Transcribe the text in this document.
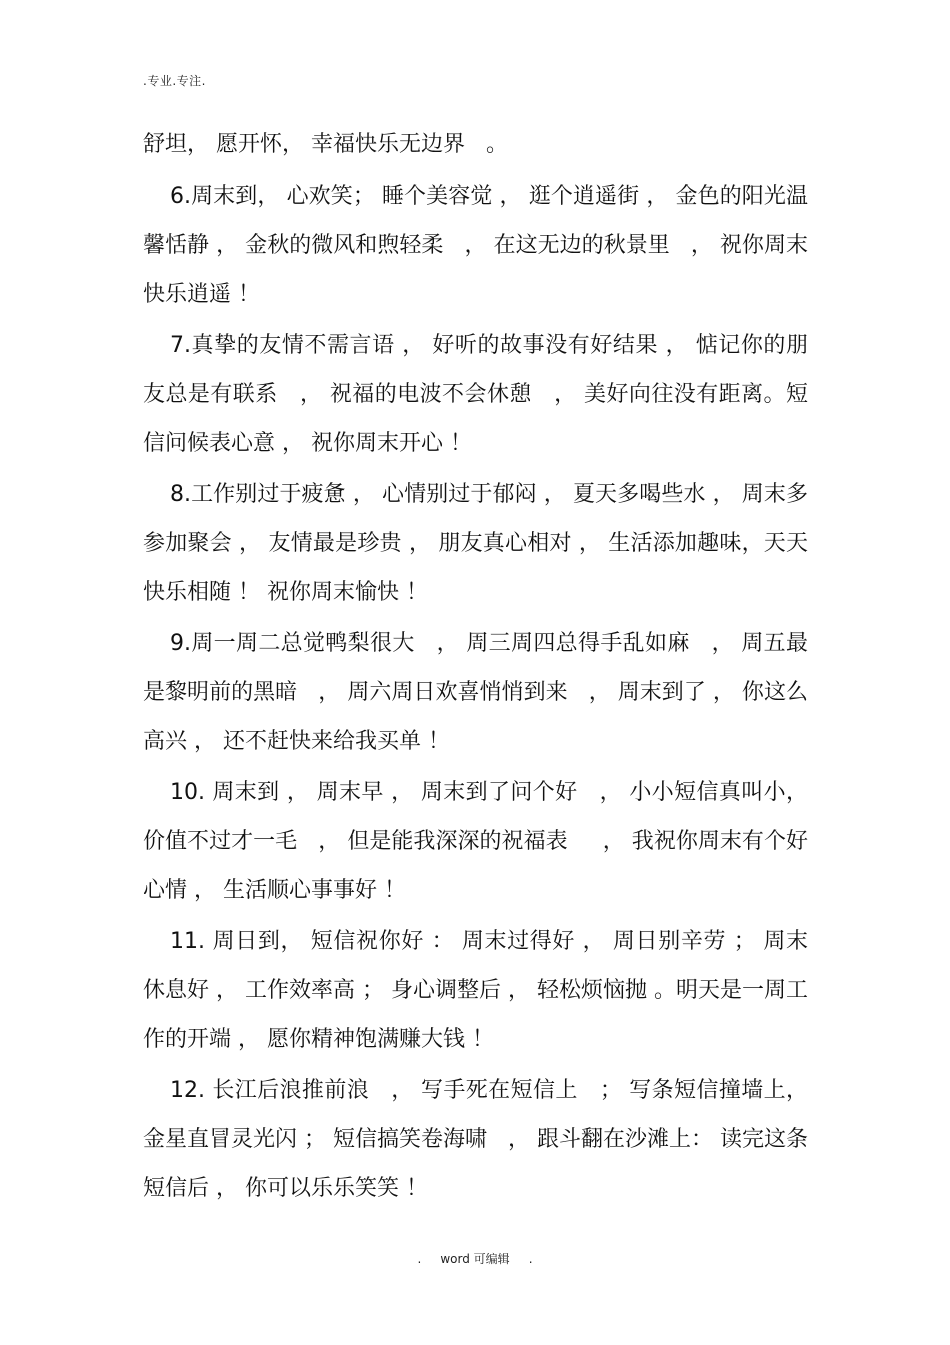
.专业.专注.

舒坦， 愿开怀， 幸福快乐无边界   。

6.周末到， 心欢笑； 睡个美容觉 ， 逛个逍遥街 ， 金色的阳光温馨恬静 ， 金秋的微风和煦轻柔   ， 在这无边的秋景里   ， 祝你周末快乐逍遥 ！

7.真挚的友情不需言语 ， 好听的故事没有好结果 ， 惦记你的朋友总是有联系   ， 祝福的电波不会休憩   ， 美好向往没有距离。短信问候表心意 ， 祝你周末开心 ！

8.工作别过于疲惫 ， 心情别过于郁闷 ， 夏天多喝些水 ， 周末多参加聚会 ， 友情最是珍贵 ， 朋友真心相对 ， 生活添加趣味，天天快乐相随 ！ 祝你周末愉快 ！

9.周一周二总觉鸭梨很大   ， 周三周四总得手乱如麻   ， 周五最是黎明前的黑暗   ， 周六周日欢喜悄悄到来   ， 周末到了 ， 你这么高兴 ， 还不赶快来给我买单 ！

10. 周末到 ， 周末早 ， 周末到了问个好   ， 小小短信真叫小， 价值不过才一毛   ， 但是能我深深的祝福表     ， 我祝你周末有个好心情 ， 生活顺心事事好 ！

11. 周日到， 短信祝你好 ： 周末过得好 ， 周日别辛劳 ； 周末休息好 ， 工作效率高 ； 身心调整后 ， 轻松烦恼抛 。明天是一周工作的开端 ， 愿你精神饱满赚大钱 ！

12. 长江后浪推前浪   ， 写手死在短信上   ； 写条短信撞墙上， 金星直冒灵光闪 ； 短信搞笑卷海啸   ， 跟斗翻在沙滩上： 读完这条短信后 ， 你可以乐乐笑笑 ！

.     word 可编辑     .
